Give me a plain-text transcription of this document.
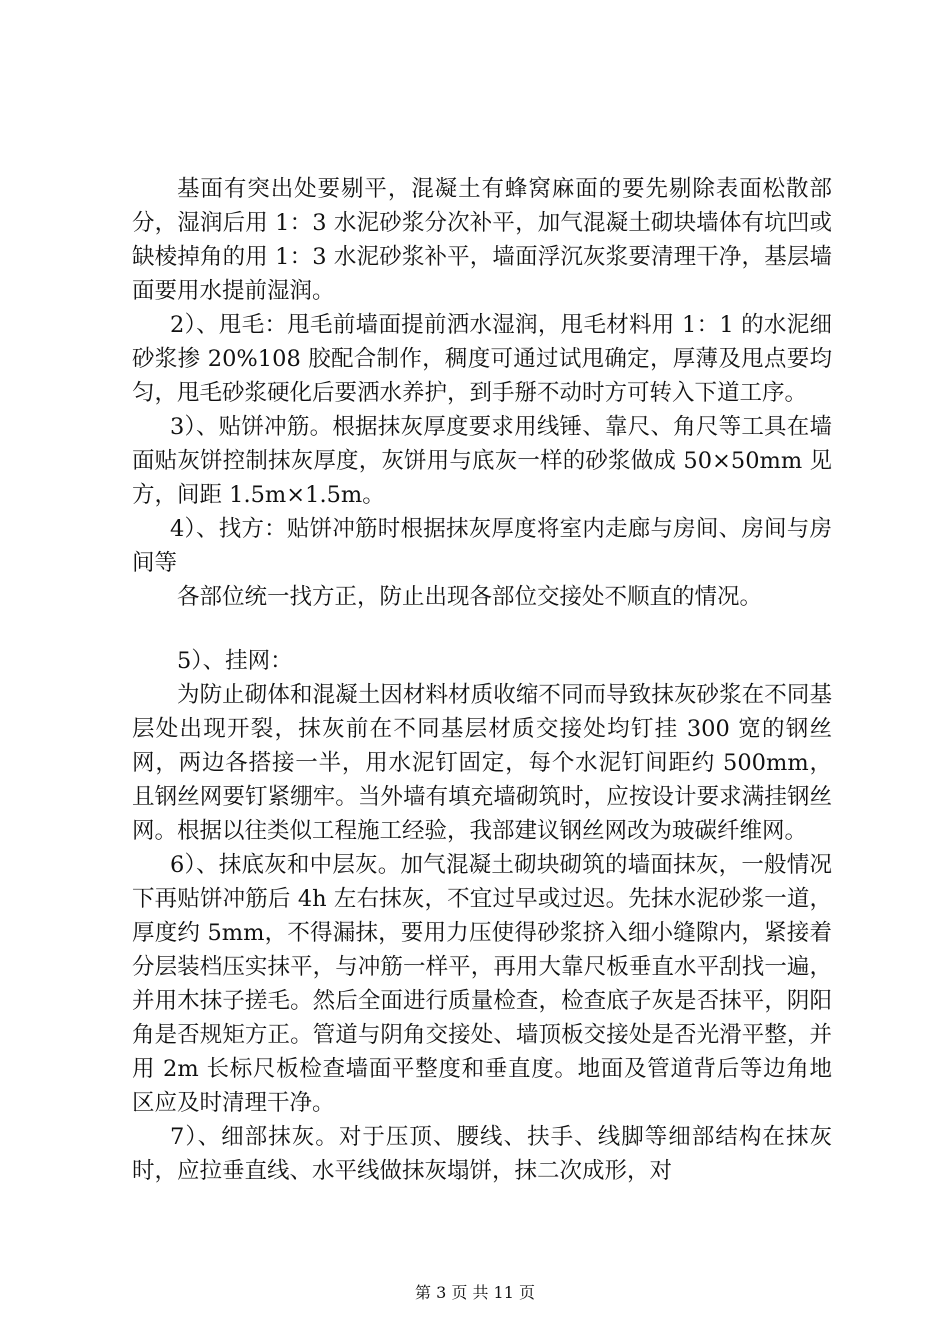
基面有突出处要剔平，混凝土有蜂窝麻面的要先剔除表面松散部分，湿润后用 1：3 水泥砂浆分次补平，加气混凝土砌块墙体有坑凹或缺棱掉角的用 1：3 水泥砂浆补平，墙面浮沉灰浆要清理干净，基层墙面要用水提前湿润。

2）、甩毛：甩毛前墙面提前洒水湿润，甩毛材料用 1：1 的水泥细砂浆掺 20%108 胶配合制作，稠度可通过试甩确定，厚薄及甩点要均匀，甩毛砂浆硬化后要洒水养护，到手掰不动时方可转入下道工序。

3）、贴饼冲筋。根据抹灰厚度要求用线锤、靠尺、角尺等工具在墙面贴灰饼控制抹灰厚度，灰饼用与底灰一样的砂浆做成 50×50mm 见方，间距 1.5m×1.5m。

4）、找方：贴饼冲筋时根据抹灰厚度将室内走廊与房间、房间与房间等

各部位统一找方正，防止出现各部位交接处不顺直的情况。

5）、挂网：

为防止砌体和混凝土因材料材质收缩不同而导致抹灰砂浆在不同基层处出现开裂，抹灰前在不同基层材质交接处均钉挂 300 宽的钢丝网，两边各搭接一半，用水泥钉固定，每个水泥钉间距约 500mm，且钢丝网要钉紧绷牢。当外墙有填充墙砌筑时，应按设计要求满挂钢丝网。根据以往类似工程施工经验，我部建议钢丝网改为玻碳纤维网。

6）、抹底灰和中层灰。加气混凝土砌块砌筑的墙面抹灰，一般情况下再贴饼冲筋后 4h 左右抹灰，不宜过早或过迟。先抹水泥砂浆一道，厚度约 5mm，不得漏抹，要用力压使得砂浆挤入细小缝隙内，紧接着分层装档压实抹平，与冲筋一样平，再用大靠尺板垂直水平刮找一遍，并用木抹子搓毛。然后全面进行质量检查，检查底子灰是否抹平，阴阳角是否规矩方正。管道与阴角交接处、墙顶板交接处是否光滑平整，并用 2m 长标尺板检查墙面平整度和垂直度。地面及管道背后等边角地区应及时清理干净。

7）、细部抹灰。对于压顶、腰线、扶手、线脚等细部结构在抹灰时，应拉垂直线、水平线做抹灰塌饼，抹二次成形，对

第 3 页 共 11 页
